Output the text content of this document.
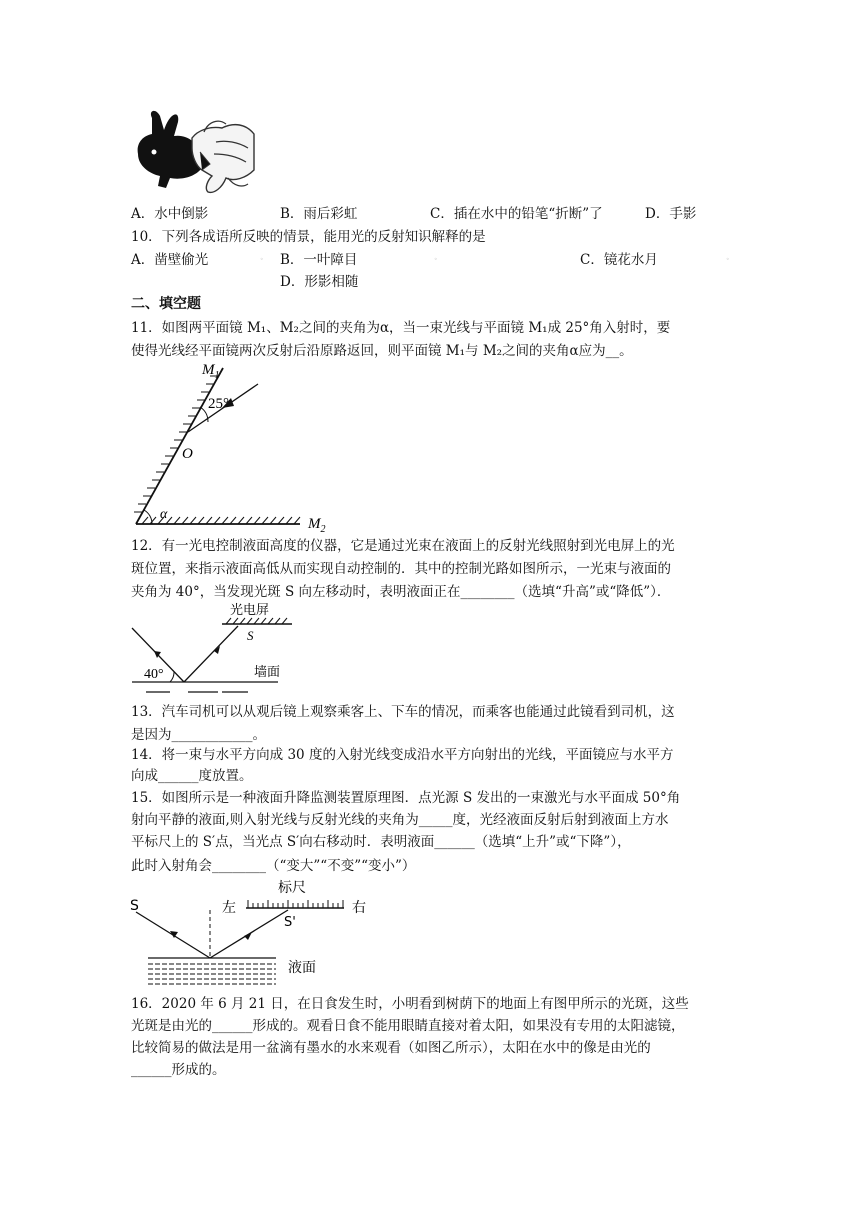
A．水中倒影	B．雨后彩虹	C．插在水中的铅笔“折断”了	D．手影
10．下列各成语所反映的情景，能用光的反射知识解释的是
A．凿壁偷光	◦ B．一叶障目	◦	C．镜花水月	◦
D．形影相随
二、填空题
11．如图两平面镜 M₁、M₂之间的夹角为α，当一束光线与平面镜 M₁成 25°角入射时，要
使得光线经平面镜两次反射后沿原路返回，则平面镜 M₁与 M₂之间的夹角α应为__。
$M_1$
25°
O
α
$M_2$
12．有一光电控制液面高度的仪器，它是通过光束在液面上的反射光线照射到光电屏上的光
斑位置，来指示液面高低从而实现自动控制的．其中的控制光路如图所示，一光束与液面的
夹角为 40°，当发现光斑 S 向左移动时，表明液面正在________（选填“升高”或“降低”）．
光电屏
S
40°	墙面
13．汽车司机可以从观后镜上观察乘客上、下车的情况，而乘客也能通过此镜看到司机，这
是因为____________。
14．将一束与水平方向成 30 度的入射光线变成沿水平方向射出的光线，平面镜应与水平方
向成______度放置。
15．如图所示是一种液面升降监测装置原理图．点光源 S 发出的一束激光与水平面成 50°角
射向平静的液面,则入射光线与反射光线的夹角为_____度，光经液面反射后射到液面上方水
平标尺上的 S′点，当光点 S′向右移动时．表明液面______（选填“上升”或“下降”），
此时入射角会________（“变大”“不变”“变小”）
标尺
左	右
S
S'
液面
16．2020 年 6 月 21 日，在日食发生时，小明看到树荫下的地面上有图甲所示的光斑，这些
光斑是由光的______形成的。观看日食不能用眼睛直接对着太阳，如果没有专用的太阳滤镜，
比较简易的做法是用一盆滴有墨水的水来观看（如图乙所示），太阳在水中的像是由光的
______形成的。
